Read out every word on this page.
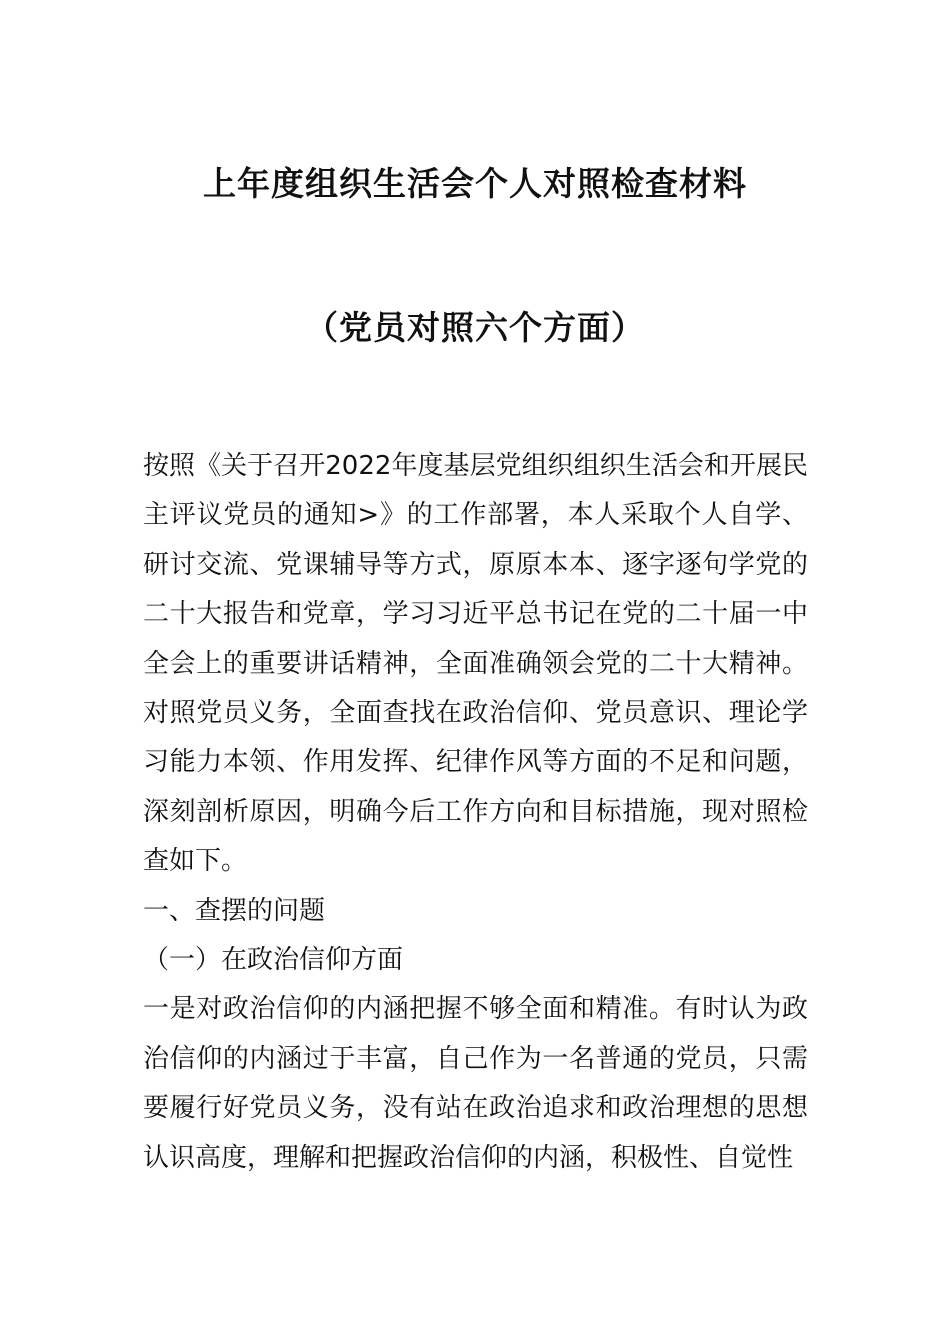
上年度组织生活会个人对照检查材料
（党员对照六个方面）

按照《关于召开2022年度基层党组织组织生活会和开展民主评议党员的通知>》的工作部署，本人采取个人自学、研讨交流、党课辅导等方式，原原本本、逐字逐句学党的二十大报告和党章，学习习近平总书记在党的二十届一中全会上的重要讲话精神，全面准确领会党的二十大精神。对照党员义务，全面查找在政治信仰、党员意识、理论学习能力本领、作用发挥、纪律作风等方面的不足和问题，深刻剖析原因，明确今后工作方向和目标措施，现对照检查如下。

一、查摆的问题

（一）在政治信仰方面

一是对政治信仰的内涵把握不够全面和精准。有时认为政治信仰的内涵过于丰富，自己作为一名普通的党员，只需要履行好党员义务，没有站在政治追求和政治理想的思想认识高度，理解和把握政治信仰的内涵，积极性、自觉性
